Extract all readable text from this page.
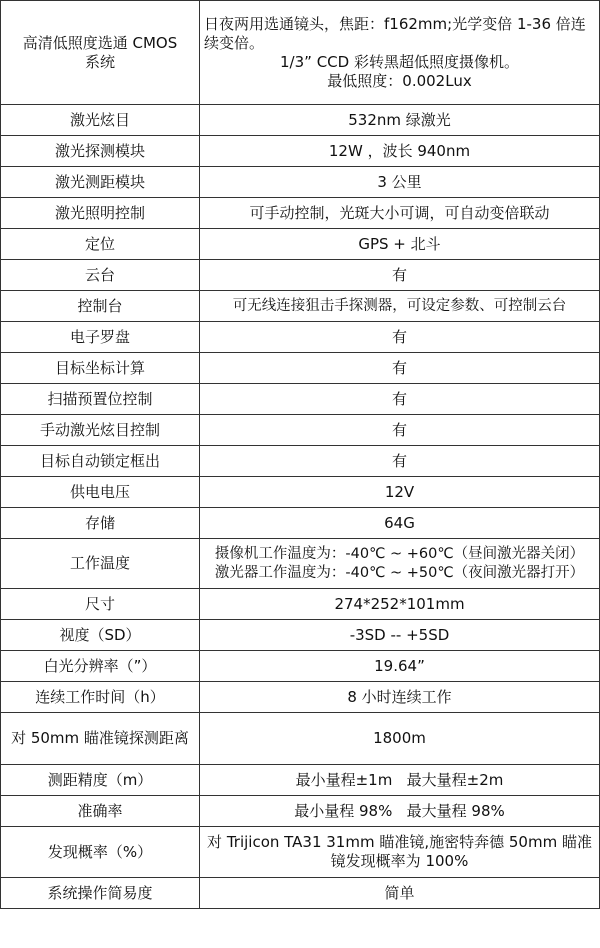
高清低照度选通 CMOS 系统	日夜两用选通镜头，焦距：f162mm;光学变倍 1-36 倍连续变倍。
1/3” CCD 彩转黑超低照度摄像机。
最低照度：0.002Lux

激光炫目	532nm 绿激光
激光探测模块	12W ，波长 940nm
激光测距模块	3 公里
激光照明控制	可手动控制，光斑大小可调，可自动变倍联动
定位	GPS + 北斗
云台	有
控制台	可无线连接狙击手探测器，可设定参数、可控制云台
电子罗盘	有
目标坐标计算	有
扫描预置位控制	有
手动激光炫目控制	有
目标自动锁定框出	有
供电电压	12V
存储	64G
工作温度	摄像机工作温度为：-40℃ ~ +60℃（昼间激光器关闭）
激光器工作温度为：-40℃ ~ +50℃（夜间激光器打开）

尺寸	274*252*101mm
视度（SD）	-3SD -- +5SD
白光分辨率（”）	19.64”
连续工作时间（h）	8 小时连续工作
对 50mm 瞄准镜探测距离	1800m
测距精度（m）	最小量程±1m   最大量程±2m
准确率	最小量程 98%   最大量程 98%
发现概率（%）	对 Trijicon TA31 31mm 瞄准镜,施密特奔德 50mm 瞄准镜发现概率为 100%
系统操作简易度	简单
